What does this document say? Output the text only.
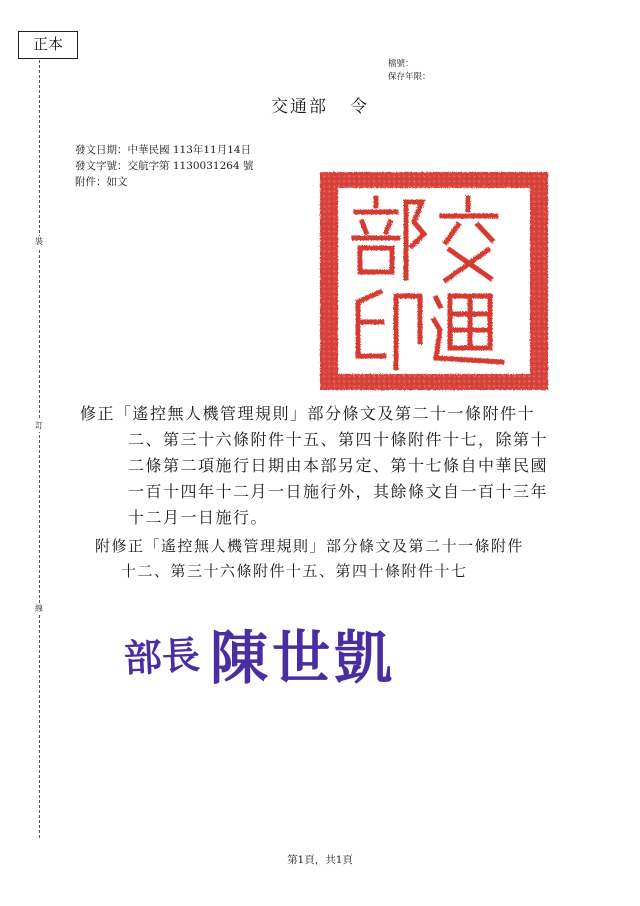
正本
裝
訂
線
檔號：
保存年限：
交通部 令
發文日期：中華民國 113年11月14日
發文字號：交航字第 1130031264 號
附件：如文
修正「遙控無人機管理規則」部分條文及第二十一條附件十
二、第三十六條附件十五、第四十條附件十七，除第十
二條第二項施行日期由本部另定、第十七條自中華民國
一百十四年十二月一日施行外，其餘條文自一百十三年
十二月一日施行。
附修正「遙控無人機管理規則」部分條文及第二十一條附件
十二、第三十六條附件十五、第四十條附件十七
部長 陳世凱
第1頁，共1頁
